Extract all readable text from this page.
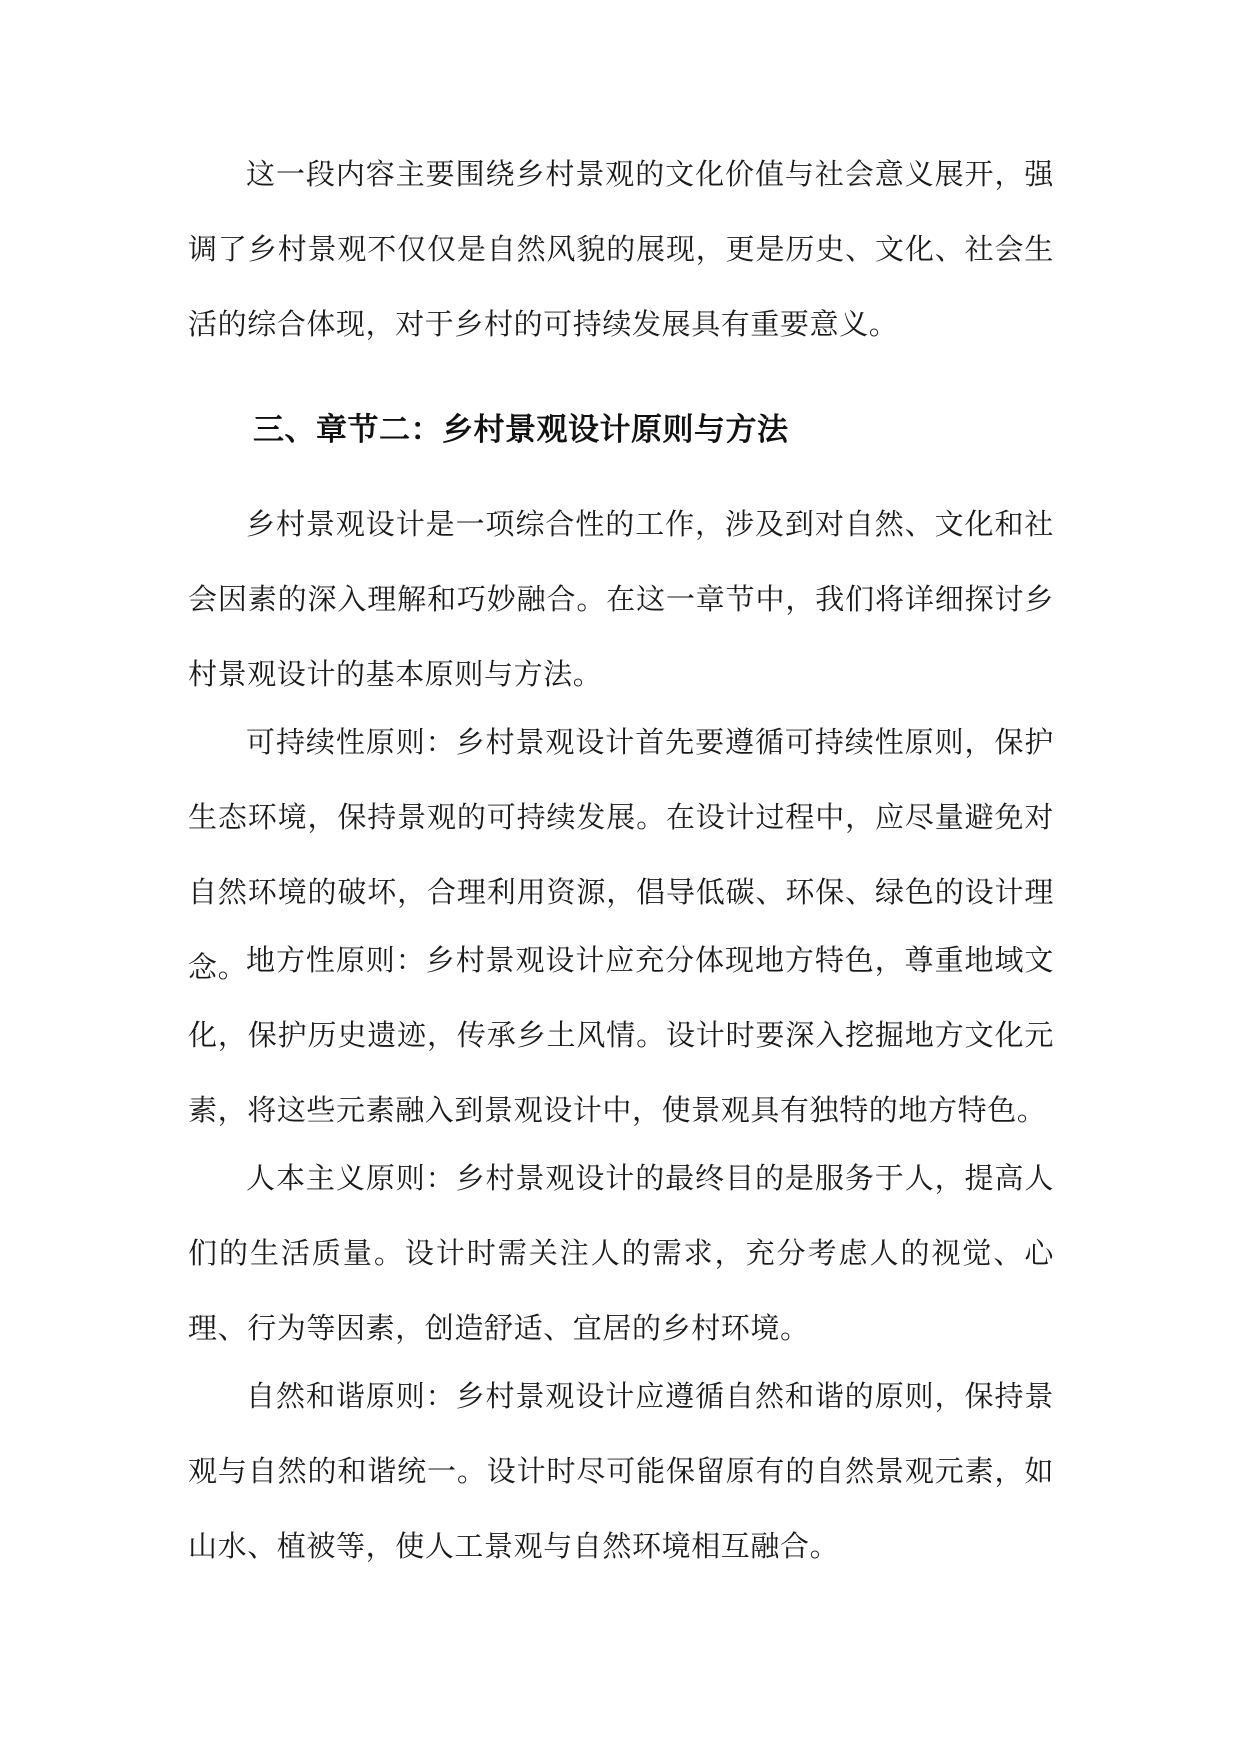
这一段内容主要围绕乡村景观的文化价值与社会意义展开，强调了乡村景观不仅仅是自然风貌的展现，更是历史、文化、社会生活的综合体现，对于乡村的可持续发展具有重要意义。

三、章节二：乡村景观设计原则与方法

乡村景观设计是一项综合性的工作，涉及到对自然、文化和社会因素的深入理解和巧妙融合。在这一章节中，我们将详细探讨乡村景观设计的基本原则与方法。

可持续性原则：乡村景观设计首先要遵循可持续性原则，保护生态环境，保持景观的可持续发展。在设计过程中，应尽量避免对自然环境的破坏，合理利用资源，倡导低碳、环保、绿色的设计理念。

地方性原则：乡村景观设计应充分体现地方特色，尊重地域文化，保护历史遗迹，传承乡土风情。设计时要深入挖掘地方文化元素，将这些元素融入到景观设计中，使景观具有独特的地方特色。

人本主义原则：乡村景观设计的最终目的是服务于人，提高人们的生活质量。设计时需关注人的需求，充分考虑人的视觉、心理、行为等因素，创造舒适、宜居的乡村环境。

自然和谐原则：乡村景观设计应遵循自然和谐的原则，保持景观与自然的和谐统一。设计时尽可能保留原有的自然景观元素，如山水、植被等，使人工景观与自然环境相互融合。
